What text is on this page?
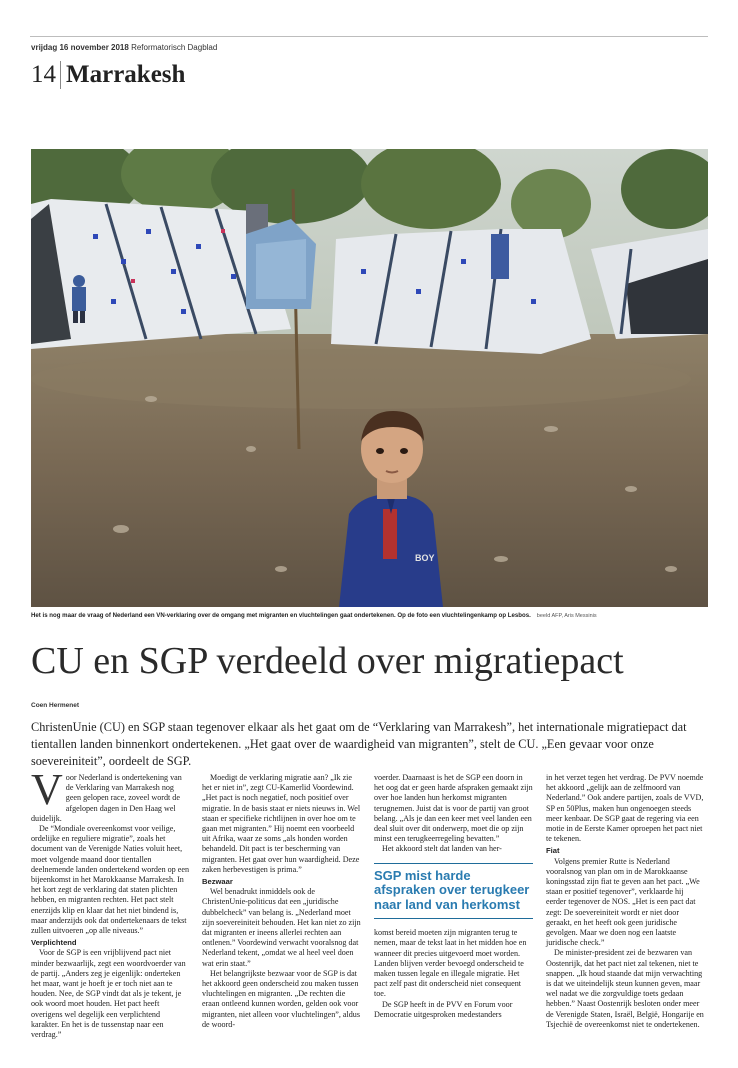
vrijdag 16 november 2018 Reformatorisch Dagblad
14 Marrakesh
BOY
Het is nog maar de vraag of Nederland een VN-verklaring over de omgang met migranten en vluchtelingen gaat ondertekenen. Op de foto een vluchtelingenkamp op Lesbos. beeld AFP, Aris Messinis
CU en SGP verdeeld over migratiepact
Coen Hermenet
ChristenUnie (CU) en SGP staan tegenover elkaar als het gaat om de “Verklaring van Marrakesh”, het internationale migratiepact dat tientallen landen binnenkort ondertekenen. „Het gaat over de waardigheid van migranten”, stelt de CU. „Een gevaar voor onze soevereiniteit”, oordeelt de SGP.

Voor Nederland is ondertekening van de Verklaring van Marrakesh nog geen gelopen race, zoveel wordt de afgelopen dagen in Den Haag wel duidelijk.

De “Mondiale overeenkomst voor veilige, ordelijke en reguliere migratie”, zoals het document van de Verenigde Naties voluit heet, moet volgende maand door tientallen deelnemende landen ondertekend worden op een bijeenkomst in het Marokkaanse Marrakesh. In het kort zegt de verklaring dat staten plichten hebben, en migranten rechten. Het pact stelt enerzijds klip en klaar dat het niet bindend is, maar anderzijds ook dat ondertekenaars de tekst zullen uitvoeren „op alle niveaus.”

Verplichtend

Voor de SGP is een vrijblijvend pact niet minder bezwaarlijk, zegt een woordvoerder van de partij. „Anders zeg je eigenlijk: onderteken het maar, want je hoeft je er toch niet aan te houden. Nee, de SGP vindt dat als je tekent, je ook woord moet houden. Het pact heeft overigens wel degelijk een verplichtend karakter. En het is de tussenstap naar een verdrag.”

Moedigt de verklaring migratie aan? „Ik zie het er niet in”, zegt CU-Kamerlid Voordewind. „Het pact is noch negatief, noch positief over migratie. In de basis staat er niets nieuws in. Wel staan er specifieke richtlijnen in over hoe om te gaan met migranten.” Hij noemt een voorbeeld uit Afrika, waar ze soms „als honden worden behandeld. Dit pact is ter bescherming van migranten. Het gaat over hun waardigheid. Deze zaken herbevestigen is prima.”

Bezwaar

Wel benadrukt inmiddels ook de ChristenUnie-politicus dat een „juridische dubbelcheck” van belang is. „Nederland moet zijn soevereiniteit behouden. Het kan niet zo zijn dat migranten er ineens allerlei rechten aan ontlenen.” Voordewind verwacht vooralsnog dat Nederland tekent, „omdat we al heel veel doen wat erin staat.”

Het belangrijkste bezwaar voor de SGP is dat het akkoord geen onderscheid zou maken tussen vluchtelingen en migranten. „De rechten die eraan ontleend kunnen worden, gelden ook voor migranten, niet alleen voor vluchtelingen”, aldus de woord-

voerder. Daarnaast is het de SGP een doorn in het oog dat er geen harde afspraken gemaakt zijn over hoe landen hun herkomst migranten terugnemen. Juist dat is voor de partij van groot belang. „Als je dan een keer met veel landen een deal sluit over dit onderwerp, moet die op zijn minst een terugkeerregeling bevatten.”

Het akkoord stelt dat landen van her-

SGP mist harde afspraken over terugkeer naar land van herkomst

komst bereid moeten zijn migranten terug te nemen, maar de tekst laat in het midden hoe en wanneer dit precies uitgevoerd moet worden. Landen blijven verder bevoegd onderscheid te maken tussen legale en illegale migratie. Het pact zelf past dit onderscheid niet consequent toe.

De SGP heeft in de PVV en Forum voor Democratie uitgesproken medestanders

in het verzet tegen het verdrag. De PVV noemde het akkoord „gelijk aan de zelfmoord van Nederland.” Ook andere partijen, zoals de VVD, SP en 50Plus, maken hun ongenoegen steeds meer kenbaar. De SGP gaat de regering via een motie in de Eerste Kamer oproepen het pact niet te tekenen.

Fiat

Volgens premier Rutte is Nederland vooralsnog van plan om in de Marokkaanse koningsstad zijn fiat te geven aan het pact. „We staan er positief tegenover”, verklaarde hij eerder tegenover de NOS. „Het is een pact dat zegt: De soevereiniteit wordt er niet door geraakt, en het heeft ook geen juridische gevolgen. Maar we doen nog een laatste juridische check.”

De minister-president zei de bezwaren van Oostenrijk, dat het pact niet zal tekenen, niet te snappen. „Ik houd staande dat mijn verwachting is dat we uiteindelijk steun kunnen geven, maar wel nadat we die zorgvuldige toets gedaan hebben.” Naast Oostenrijk besloten onder meer de Verenigde Staten, Israël, België, Hongarije en Tsjechië de overeenkomst niet te ondertekenen.
